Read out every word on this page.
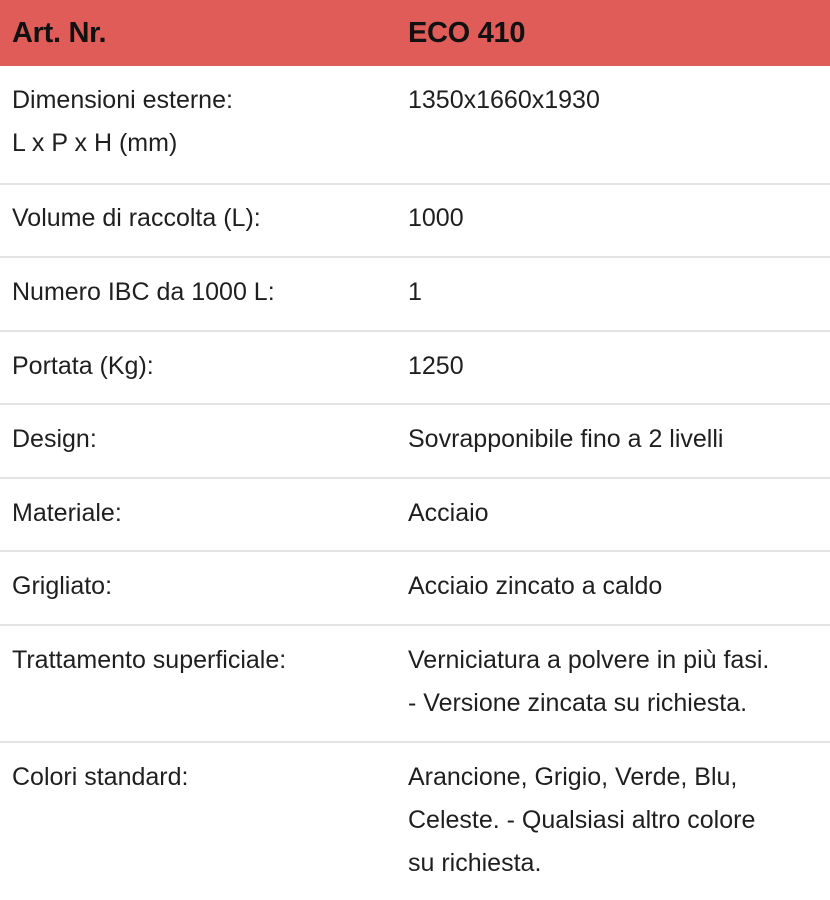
Art. Nr.	ECO 410

Dimensioni esterne:
L x P x H (mm)	1350x1660x1930

Volume di raccolta (L):	1000

Numero IBC da 1000 L:	1

Portata (Kg):	1250

Design:	Sovrapponibile fino a 2 livelli

Materiale:	Acciaio

Grigliato:	Acciaio zincato a caldo

Trattamento superficiale:	Verniciatura a polvere in più fasi.
- Versione zincata su richiesta.

Colori standard:	Arancione, Grigio, Verde, Blu,
Celeste. - Qualsiasi altro colore
su richiesta.
